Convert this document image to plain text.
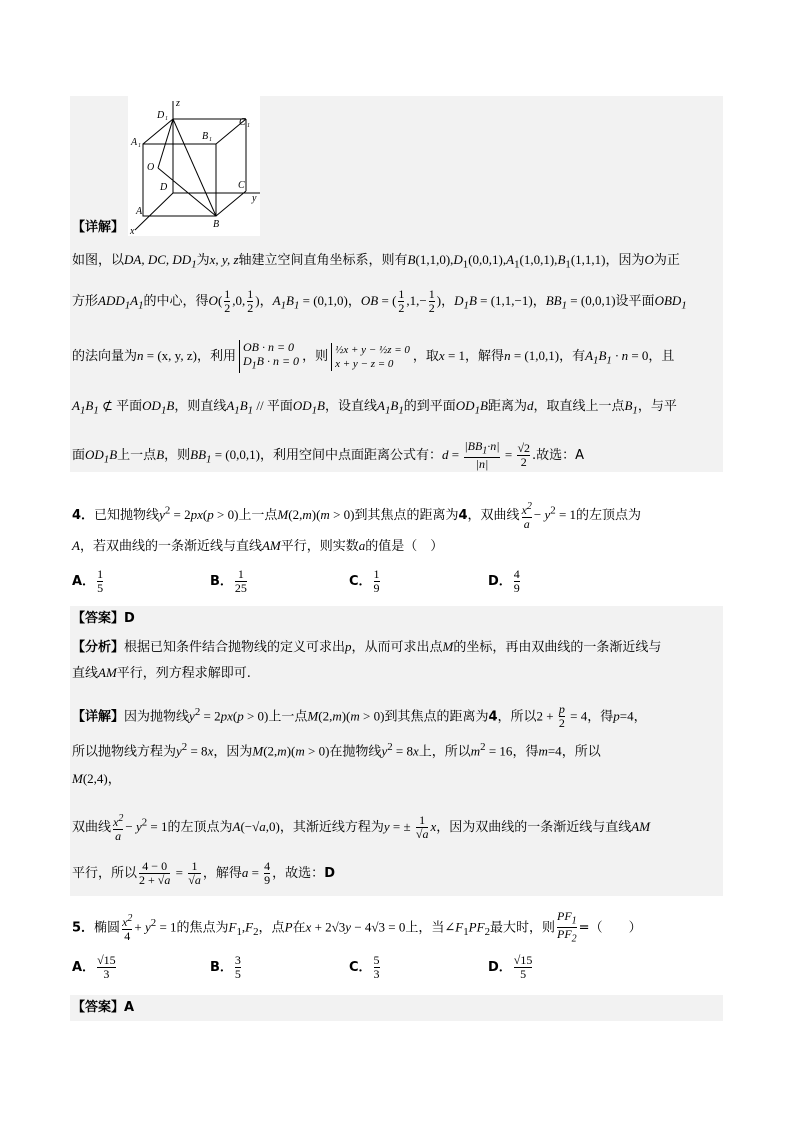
z
y
x
D 1	C 1
B 1
A 1
O
D	C
B
A
【详解】
如图，以DA, DC, $DD_1$为x, y, z轴建立空间直角坐标系，则有$B(1,1,0),D_1(0,0,1),A_1(1,0,1),B_1(1,1,1)$，因为O为正
方形$ADD_1A_1$的中心，得$O( \frac{1}{2} ,0$, $\frac{1}{2}$ )，$A_1B_1 = (0,1,0)$，OB = ( $\frac{1}{2} ,1,- \frac{1}{2}$ )，$D_1B = (1,1,-1)$，$BB_1 = (0,0,1)$设平面$OBD_1$
的法向量为n = (x, y, z)，利用
OB · n = 0
$D_1B \cdot n = 0$ ，则 ½x + y − ½z = 0
x + y − z = 0	，取x = 1，解得n = (1,0,1)，有$A_1B_1 \cdot n = 0$，且
$A_1B_1$ ⊄ 平面$OD_1B$，则直线$A_1B_1$ // 平面$OD_1B$，设直线$A_1B_1$的到平面$OD_1B$距离为d，取直线上一点$B_1$，与平
面$OD_1B$上一点B，则$BB_1 = (0,0,1)$，利用空间中点面距离公式有：$d = \frac{|BB_1\cdot n|}{|n|} = \frac{√2}{2}$ .故选：A
4．已知抛物线$y^2 = 2px(p > 0)$上一点M(2,m)(m > 0)到其焦点的距离为4，双曲线 $\frac{x^2}{a} - y^2 = 1$的左顶点为
A，若双曲线的一条渐近线与直线AM平行，则实数a的值是（　）
A． $\frac{1}{5}$	B． $\frac{1}{25}$	C． $\frac{1}{9}$	D． $\frac{4}{9}$
【答案】D
【分析】根据已知条件结合抛物线的定义可求出p，从而可求出点M的坐标，再由双曲线的一条渐近线与
直线AM平行，列方程求解即可.
【详解】因为抛物线$y^2 = 2px(p > 0)$上一点M(2,m)(m > 0)到其焦点的距离为4，所以$2 + \frac{p}{2} = 4$，得p=4，
所以抛物线方程为$y^2 = 8x$，因为M(2,m)(m > 0)在抛物线$y^2 = 8x$上，所以$m^2 = 16$，得m=4，所以
M(2,4)，
双曲线 $\frac{x^2}{a} - y^2 = 1$的左顶点为A(−√a,0)，其渐近线方程为y = ± $\frac{1}{√a}$ x，因为双曲线的一条渐近线与直线AM
平行，所以 $\frac{4 - 0}{2 + √a} = \frac{1}{√a}$ ，解得$a = \frac{4}{9}$ ，故选：D
5．椭圆 $\frac{x^2}{4} + y^2 = 1$的焦点为$F_1,F_2$，点P在x + 2√3y − 4√3 = 0上，当$\angle F_1PF_2$最大时，则 $\frac{PF_1}{PF_2}$ =（　　）
A． $\frac{√15}{3}$	B． $\frac{3}{5}$	C． $\frac{5}{3}$	D． $\frac{√15}{5}$
【答案】A
